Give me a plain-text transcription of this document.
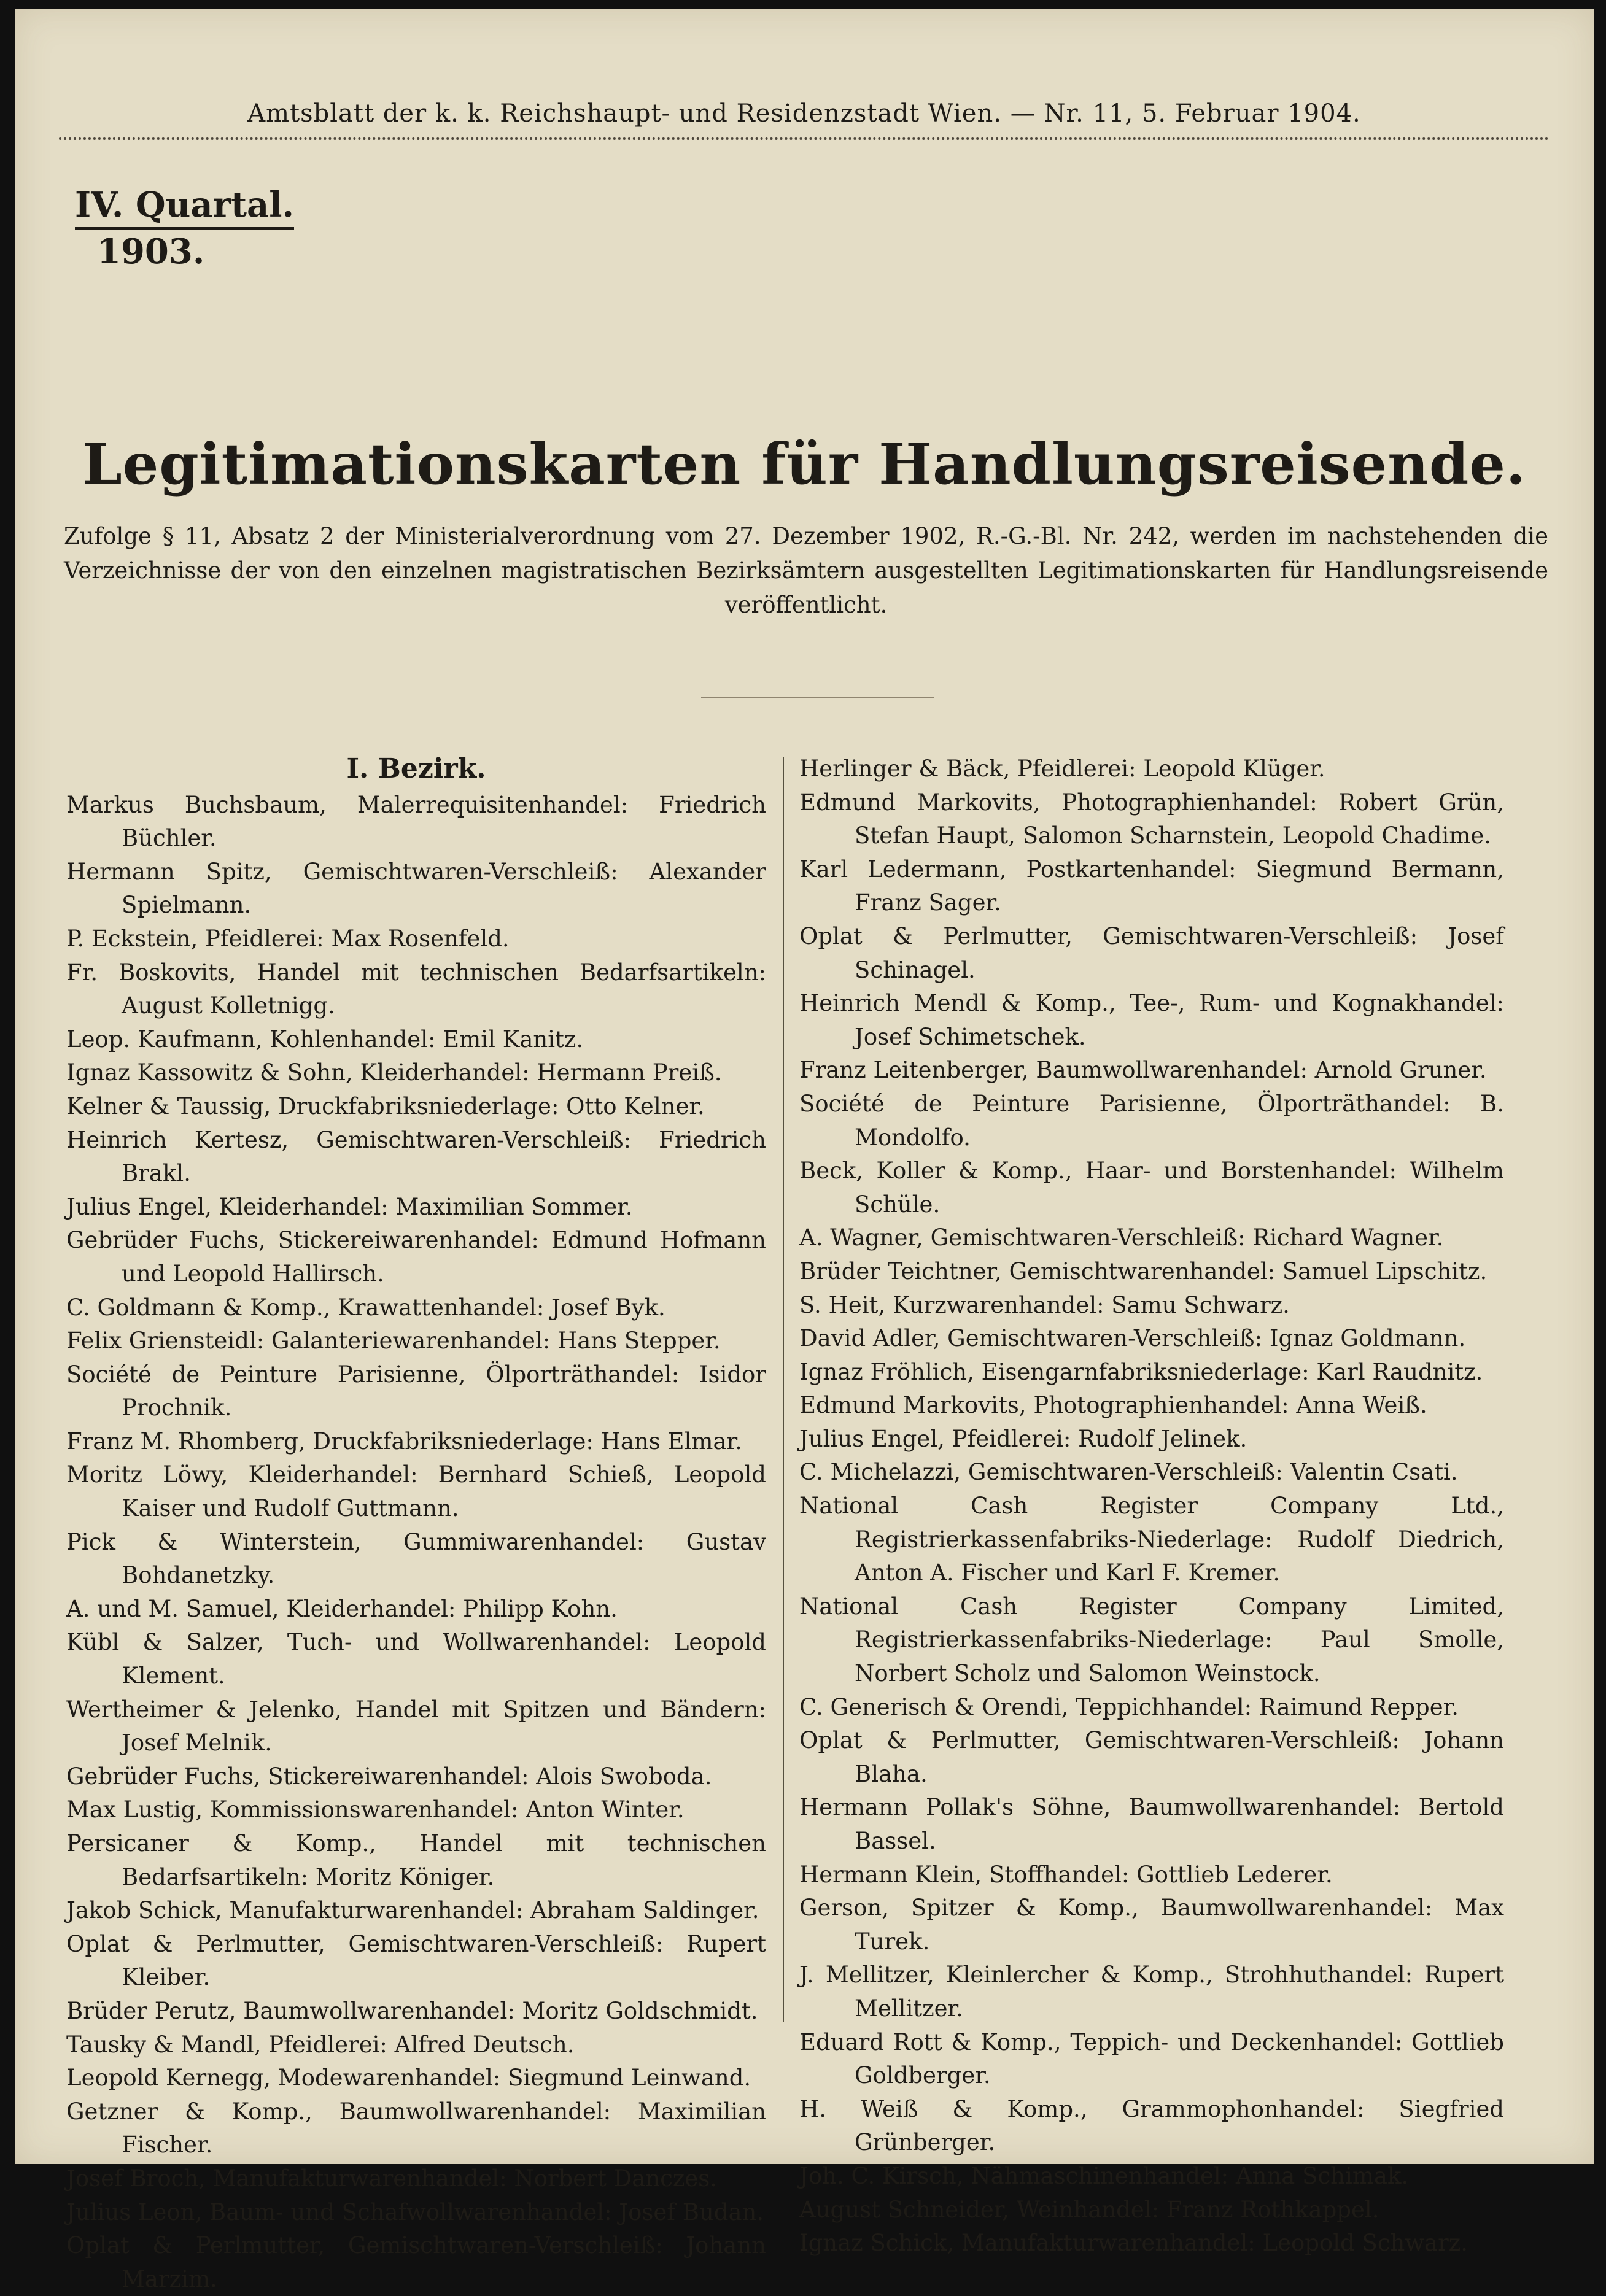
Amtsblatt der k. k. Reichshaupt- und Residenzstadt Wien. — Nr. 11, 5. Februar 1904.
IV. Quartal.
1903.
Legitimationskarten für Handlungsreisende.
Zufolge § 11, Absatz 2 der Ministerialverordnung vom 27. Dezember 1902, R.-G.-Bl. Nr. 242, werden im nachstehenden die Verzeichnisse der von den einzelnen magistratischen Bezirksämtern ausgestellten Legitimationskarten für Handlungsreisende veröffentlicht.
I. Bezirk.
Markus Buchsbaum, Malerrequisitenhandel: Friedrich Büchler.
Hermann Spitz, Gemischtwaren-Verschleiß: Alexander Spielmann.
P. Eckstein, Pfeidlerei: Max Rosenfeld.
Fr. Boskovits, Handel mit technischen Bedarfsartikeln: August Kolletnigg.
Leop. Kaufmann, Kohlenhandel: Emil Kanitz.
Ignaz Kassowitz & Sohn, Kleiderhandel: Hermann Preiß.
Kelner & Taussig, Druckfabriksniederlage: Otto Kelner.
Heinrich Kertesz, Gemischtwaren-Verschleiß: Friedrich Brakl.
Julius Engel, Kleiderhandel: Maximilian Sommer.
Gebrüder Fuchs, Stickereiwarenhandel: Edmund Hofmann und Leopold Hallirsch.
C. Goldmann & Komp., Krawattenhandel: Josef Byk.
Felix Griensteidl: Galanteriewarenhandel: Hans Stepper.
Société de Peinture Parisienne, Ölporträthandel: Isidor Prochnik.
Franz M. Rhomberg, Druckfabriksniederlage: Hans Elmar.
Moritz Löwy, Kleiderhandel: Bernhard Schieß, Leopold Kaiser und Rudolf Guttmann.
Pick & Winterstein, Gummiwarenhandel: Gustav Bohdanetzky.
A. und M. Samuel, Kleiderhandel: Philipp Kohn.
Kübl & Salzer, Tuch- und Wollwarenhandel: Leopold Klement.
Wertheimer & Jelenko, Handel mit Spitzen und Bändern: Josef Melnik.
Gebrüder Fuchs, Stickereiwarenhandel: Alois Swoboda.
Max Lustig, Kommissionswarenhandel: Anton Winter.
Persicaner & Komp., Handel mit technischen Bedarfsartikeln: Moritz Königer.
Jakob Schick, Manufakturwarenhandel: Abraham Saldinger.
Oplat & Perlmutter, Gemischtwaren-Verschleiß: Rupert Kleiber.
Brüder Perutz, Baumwollwarenhandel: Moritz Goldschmidt.
Tausky & Mandl, Pfeidlerei: Alfred Deutsch.
Leopold Kernegg, Modewarenhandel: Siegmund Leinwand.
Getzner & Komp., Baumwollwarenhandel: Maximilian Fischer.
Josef Broch, Manufakturwarenhandel: Norbert Danczes.
Julius Leon, Baum- und Schafwollwarenhandel: Josef Budan.
Oplat & Perlmutter, Gemischtwaren-Verschleiß: Johann Marzim.
Herlinger & Bäck, Pfeidlerei: Leopold Klüger.
Edmund Markovits, Photographienhandel: Robert Grün, Stefan Haupt, Salomon Scharnstein, Leopold Chadime.
Karl Ledermann, Postkartenhandel: Siegmund Bermann, Franz Sager.
Oplat & Perlmutter, Gemischtwaren-Verschleiß: Josef Schinagel.
Heinrich Mendl & Komp., Tee-, Rum- und Kognakhandel: Josef Schimetschek.
Franz Leitenberger, Baumwollwarenhandel: Arnold Gruner.
Société de Peinture Parisienne, Ölporträthandel: B. Mondolfo.
Beck, Koller & Komp., Haar- und Borstenhandel: Wilhelm Schüle.
A. Wagner, Gemischtwaren-Verschleiß: Richard Wagner.
Brüder Teichtner, Gemischtwarenhandel: Samuel Lipschitz.
S. Heit, Kurzwarenhandel: Samu Schwarz.
David Adler, Gemischtwaren-Verschleiß: Ignaz Goldmann.
Ignaz Fröhlich, Eisengarnfabriksniederlage: Karl Raudnitz.
Edmund Markovits, Photographienhandel: Anna Weiß.
Julius Engel, Pfeidlerei: Rudolf Jelinek.
C. Michelazzi, Gemischtwaren-Verschleiß: Valentin Csati.
National Cash Register Company Ltd., Registrierkassenfabriks-Niederlage: Rudolf Diedrich, Anton A. Fischer und Karl F. Kremer.
National Cash Register Company Limited, Registrierkassenfabriks-Niederlage: Paul Smolle, Norbert Scholz und Salomon Weinstock.
C. Generisch & Orendi, Teppichhandel: Raimund Repper.
Oplat & Perlmutter, Gemischtwaren-Verschleiß: Johann Blaha.
Hermann Pollak's Söhne, Baumwollwarenhandel: Bertold Bassel.
Hermann Klein, Stoffhandel: Gottlieb Lederer.
Gerson, Spitzer & Komp., Baumwollwarenhandel: Max Turek.
J. Mellitzer, Kleinlercher & Komp., Strohhuthandel: Rupert Mellitzer.
Eduard Rott & Komp., Teppich- und Deckenhandel: Gottlieb Goldberger.
H. Weiß & Komp., Grammophonhandel: Siegfried Grünberger.
Joh. C. Kirsch, Nähmaschinenhandel: Anna Schimak.
August Schneider, Weinhandel: Franz Rothkappel.
Ignaz Schick, Manufakturwarenhandel: Leopold Schwarz.
